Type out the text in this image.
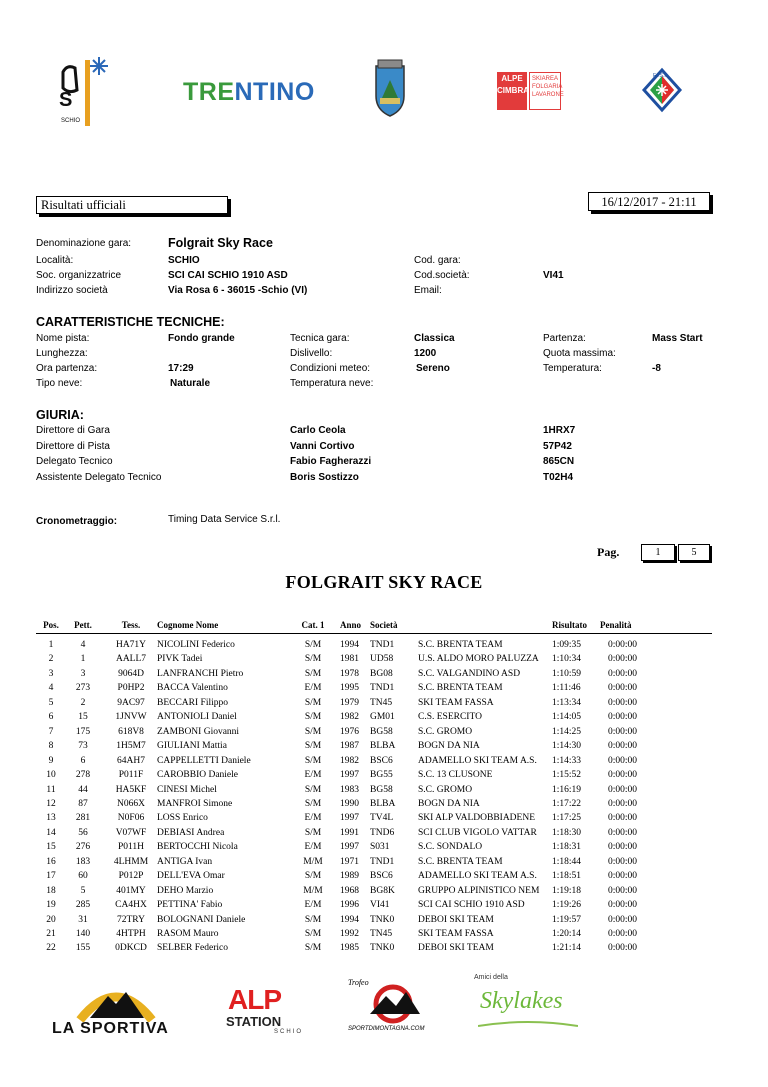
S
SCHIO
TRENTINO	ALPE CIMBRA
SKIAREA FOLGARIA LAVARONE
F.I.S.I.
Risultati ufficiali	16/12/2017 - 21:11
Denominazione gara:	Folgrait Sky Race
Località:	SCHIO
Soc. organizzatrice	SCI CAI SCHIO 1910 ASD
Indirizzo società	Via Rosa 6 - 36015 -Schio (VI)
Cod. gara:
Cod.società:	VI41
Email:
CARATTERISTICHE TECNICHE:
Nome pista:	Fondo grande
Lunghezza:
Ora partenza:	17:29
Tipo neve:	Naturale
Tecnica gara:	Classica
Dislivello:	1200
Condizioni meteo:	Sereno
Temperatura neve:
Partenza:	Mass Start
Quota massima:
Temperatura:	-8
GIURIA:
Direttore di Gara	Carlo Ceola	1HRX7
Direttore di Pista	Vanni Cortivo	57P42
Delegato Tecnico	Fabio Fagherazzi	865CN
Assistente Delegato Tecnico	Boris Sostizzo	T02H4
Cronometraggio:	Timing Data Service S.r.l.
Pag.	1	5
FOLGRAIT SKY RACE
Pos.	Pett.	Tess.	Cognome Nome	Cat. 1 Anno Società	Risultato Penalità
1	4	HA71Y	NICOLINI Federico	S/M	1994 TND1 S.C. BRENTA TEAM	1:09:35	0:00:00
2	1	AALL7	PIVK Tadei	S/M	1981 UD58	U.S. ALDO MORO PALUZZA 1:10:34	0:00:00
3	3	9064D	LANFRANCHI Pietro	S/M	1978 BG08	S.C. VALGANDINO ASD	1:10:59	0:00:00
4	273	P0HP2	BACCA Valentino	E/M	1995 TND1 S.C. BRENTA TEAM	1:11:46	0:00:00
5	2	9AC97	BECCARI Filippo	S/M	1979 TN45	SKI TEAM FASSA	1:13:34	0:00:00
6	15	1JNVW	ANTONIOLI Daniel	S/M	1982 GM01 C.S. ESERCITO	1:14:05	0:00:00
7	175	618V8	ZAMBONI Giovanni	S/M	1976 BG58	S.C. GROMO	1:14:25	0:00:00
8	73	1H5M7	GIULIANI Mattia	S/M	1987 BLBA BOGN DA NIA	1:14:30	0:00:00
9	6	64AH7	CAPPELLETTI Daniele	S/M	1982 BSC6	ADAMELLO SKI TEAM A.S. 1:14:33	0:00:00
10	278	P011F	CAROBBIO Daniele	E/M	1997 BG55	S.C. 13 CLUSONE	1:15:52	0:00:00
11	44	HA5KF	CINESI Michel	S/M	1983 BG58	S.C. GROMO	1:16:19	0:00:00
12	87	N066X	MANFROI Simone	S/M	1990 BLBA BOGN DA NIA	1:17:22	0:00:00
13	281	N0F06	LOSS Enrico	E/M	1997 TV4L	SKI ALP VALDOBBIADENE 1:17:25	0:00:00
14	56	V07WF	DEBIASI Andrea	S/M	1991 TND6 SCI CLUB VIGOLO VATTAR 1:18:30	0:00:00
15	276	P011H	BERTOCCHI Nicola	E/M	1997 S031	S.C. SONDALO	1:18:31	0:00:00
16	183	4LHMM ANTIGA Ivan	M/M	1971 TND1 S.C. BRENTA TEAM	1:18:44	0:00:00
17	60	P012P	DELL'EVA Omar	S/M	1989 BSC6	ADAMELLO SKI TEAM A.S. 1:18:51	0:00:00
18	5	401MY	DEHO Marzio	M/M	1968 BG8K GRUPPO ALPINISTICO NEM 1:19:18	0:00:00
19	285	CA4HX	PETTINA' Fabio	E/M	1996 VI41	SCI CAI SCHIO 1910 ASD	1:19:26	0:00:00
20	31	72TRY	BOLOGNANI Daniele	S/M	1994 TNK0 DEBOI SKI TEAM	1:19:57	0:00:00
21	140	4HTPH	RASOM Mauro	S/M	1992 TN45	SKI TEAM FASSA	1:20:14	0:00:00
22	155	0DKCD	SELBER Federico	S/M	1985 TNK0 DEBOI SKI TEAM	1:21:14	0:00:00
LA SPORTIVA
ALP
STATION
SCHIO
Trofeo
SPORTDIMONTAGNA.COM
Amici della
Skylakes
